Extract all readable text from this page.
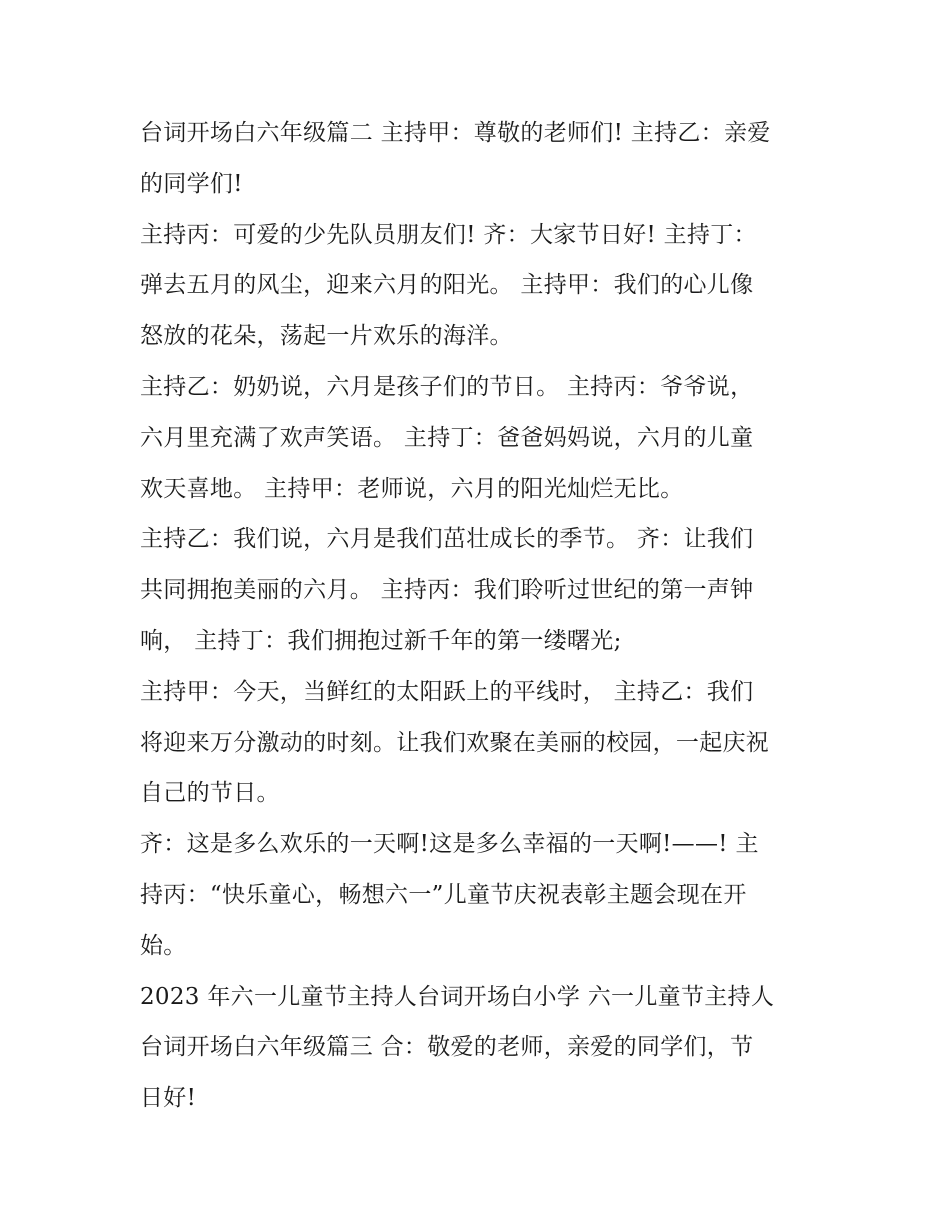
台词开场白六年级篇二 主持甲：尊敬的老师们! 主持乙：亲爱
的同学们!
主持丙：可爱的少先队员朋友们! 齐：大家节日好! 主持丁：
弹去五月的风尘，迎来六月的阳光。 主持甲：我们的心儿像
怒放的花朵，荡起一片欢乐的海洋。
主持乙：奶奶说，六月是孩子们的节日。 主持丙：爷爷说，
六月里充满了欢声笑语。 主持丁：爸爸妈妈说，六月的儿童
欢天喜地。 主持甲：老师说，六月的阳光灿烂无比。
主持乙：我们说，六月是我们茁壮成长的季节。 齐：让我们
共同拥抱美丽的六月。 主持丙：我们聆听过世纪的第一声钟
响， 主持丁：我们拥抱过新千年的第一缕曙光;
主持甲：今天，当鲜红的太阳跃上的平线时， 主持乙：我们
将迎来万分激动的时刻。让我们欢聚在美丽的校园，一起庆祝
自己的节日。
齐：这是多么欢乐的一天啊!这是多么幸福的一天啊!——! 主
持丙：“快乐童心，畅想六一”儿童节庆祝表彰主题会现在开
始。
2023 年六一儿童节主持人台词开场白小学 六一儿童节主持人
台词开场白六年级篇三 合：敬爱的老师，亲爱的同学们，节
日好!
